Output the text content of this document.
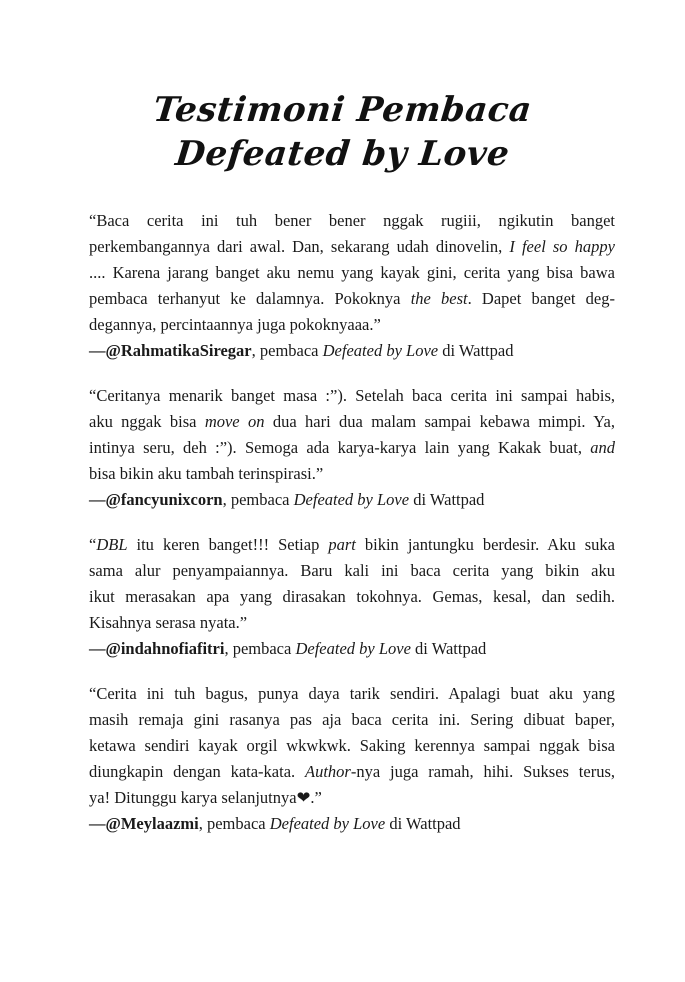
Testimoni Pembaca
Defeated by Love
“Baca cerita ini tuh bener bener nggak rugiii, ngikutin banget
perkembangannya dari awal. Dan, sekarang udah dinovelin, I feel so happy
.... Karena jarang banget aku nemu yang kayak gini, cerita yang bisa bawa
pembaca terhanyut ke dalamnya. Pokoknya the best. Dapet banget deg-
degannya, percintaannya juga pokoknyaaa.”
—@RahmatikaSiregar, pembaca Defeated by Love di Wattpad
“Ceritanya menarik banget masa :”). Setelah baca cerita ini sampai habis,
aku nggak bisa move on dua hari dua malam sampai kebawa mimpi. Ya,
intinya seru, deh :”). Semoga ada karya-karya lain yang Kakak buat, and
bisa bikin aku tambah terinspirasi.”
—@fancyunixcorn, pembaca Defeated by Love di Wattpad
“DBL itu keren banget!!! Setiap part bikin jantungku berdesir. Aku suka
sama alur penyampaiannya. Baru kali ini baca cerita yang bikin aku
ikut merasakan apa yang dirasakan tokohnya. Gemas, kesal, dan sedih.
Kisahnya serasa nyata.”
—@indahnofiafitri, pembaca Defeated by Love di Wattpad
“Cerita ini tuh bagus, punya daya tarik sendiri. Apalagi buat aku yang
masih remaja gini rasanya pas aja baca cerita ini. Sering dibuat baper,
ketawa sendiri kayak orgil wkwkwk. Saking kerennya sampai nggak bisa
diungkapin dengan kata-kata. Author-nya juga ramah, hihi. Sukses terus,
ya! Ditunggu karya selanjutnya❤.”
—@Meylaazmi, pembaca Defeated by Love di Wattpad
